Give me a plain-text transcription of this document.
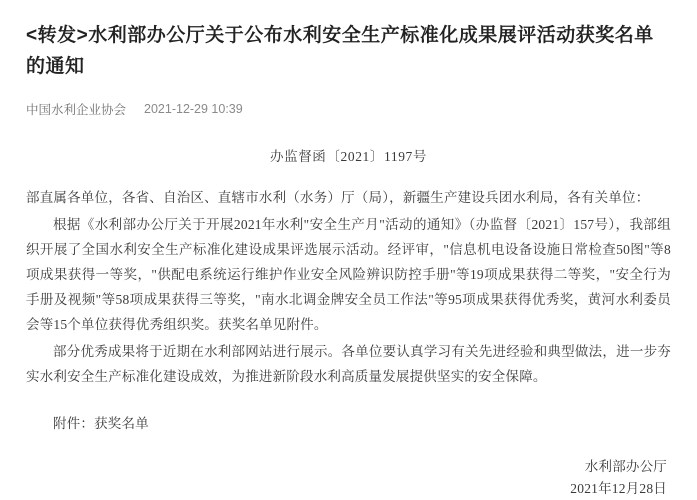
<转发>水利部办公厅关于公布水利安全生产标准化成果展评活动获奖名单的通知
中国水利企业协会 2021-12-29 10:39
办监督函〔2021〕1197号

部直属各单位，各省、自治区、直辖市水利（水务）厅（局），新疆生产建设兵团水利局，各有关单位：

根据《水利部办公厅关于开展2021年水利"安全生产月"活动的通知》（办监督〔2021〕157号），我部组织开展了全国水利安全生产标准化建设成果评选展示活动。经评审，"信息机电设备设施日常检查50图"等8项成果获得一等奖，"供配电系统运行维护作业安全风险辨识防控手册"等19项成果获得二等奖，"安全行为手册及视频"等58项成果获得三等奖，"南水北调金牌安全员工作法"等95项成果获得优秀奖，黄河水利委员会等15个单位获得优秀组织奖。获奖名单见附件。

部分优秀成果将于近期在水利部网站进行展示。各单位要认真学习有关先进经验和典型做法，进一步夯实水利安全生产标准化建设成效，为推进新阶段水利高质量发展提供坚实的安全保障。

附件：获奖名单
水利部办公厅
2021年12月28日
